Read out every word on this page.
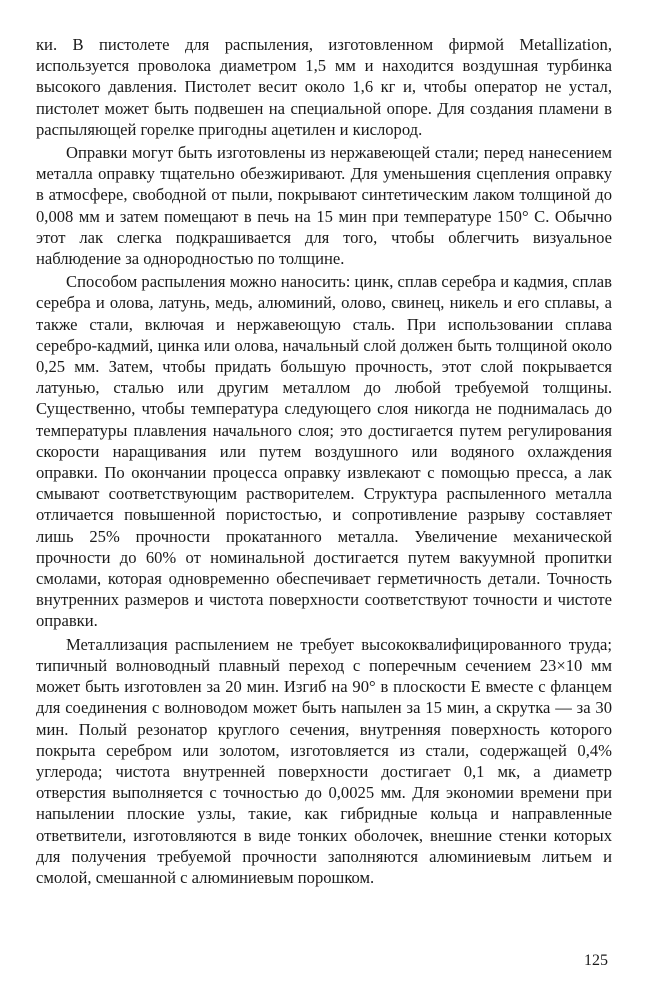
ки. В пистолете для распыления, изготовленном фирмой Metallization, используется проволока диаметром 1,5 мм и находится воздушная турбинка высокого давления. Пистолет весит около 1,6 кг и, чтобы оператор не устал, пистолет может быть подвешен на специальной опоре. Для создания пламени в распыляющей горелке пригодны ацетилен и кислород.

Оправки могут быть изготовлены из нержавеющей стали; перед нанесением металла оправку тщательно обезжиривают. Для уменьшения сцепления оправку в атмосфере, свободной от пыли, покрывают синтетическим лаком толщиной до 0,008 мм и затем помещают в печь на 15 мин при температуре 150° С. Обычно этот лак слегка подкрашивается для того, чтобы облегчить визуальное наблюдение за однородностью по толщине.

Способом распыления можно наносить: цинк, сплав серебра и кадмия, сплав серебра и олова, латунь, медь, алюминий, олово, свинец, никель и его сплавы, а также стали, включая и нержавеющую сталь. При использовании сплава серебро-кадмий, цинка или олова, начальный слой должен быть толщиной около 0,25 мм. Затем, чтобы придать большую прочность, этот слой покрывается латунью, сталью или другим металлом до любой требуемой толщины. Существенно, чтобы температура следующего слоя никогда не поднималась до температуры плавления начального слоя; это достигается путем регулирования скорости наращивания или путем воздушного или водяного охлаждения оправки. По окончании процесса оправку извлекают с помощью пресса, а лак смывают соответствующим растворителем. Структура распыленного металла отличается повышенной пористостью, и сопротивление разрыву составляет лишь 25% прочности прокатанного металла. Увеличение механической прочности до 60% от номинальной достигается путем вакуумной пропитки смолами, которая одновременно обеспечивает герметичность детали. Точность внутренних размеров и чистота поверхности соответствуют точности и чистоте оправки.

Металлизация распылением не требует высококвалифицированного труда; типичный волноводный плавный переход с поперечным сечением 23×10 мм может быть изготовлен за 20 мин. Изгиб на 90° в плоскости E вместе с фланцем для соединения с волноводом может быть напылен за 15 мин, а скрутка — за 30 мин. Полый резонатор круглого сечения, внутренняя поверхность которого покрыта серебром или золотом, изготовляется из стали, содержащей 0,4% углерода; чистота внутренней поверхности достигает 0,1 мк, а диаметр отверстия выполняется с точностью до 0,0025 мм. Для экономии времени при напылении плоские узлы, такие, как гибридные кольца и направленные ответвители, изготовляются в виде тонких оболочек, внешние стенки которых для получения требуемой прочности заполняются алюминиевым литьем и смолой, смешанной с алюминиевым порошком.

125
